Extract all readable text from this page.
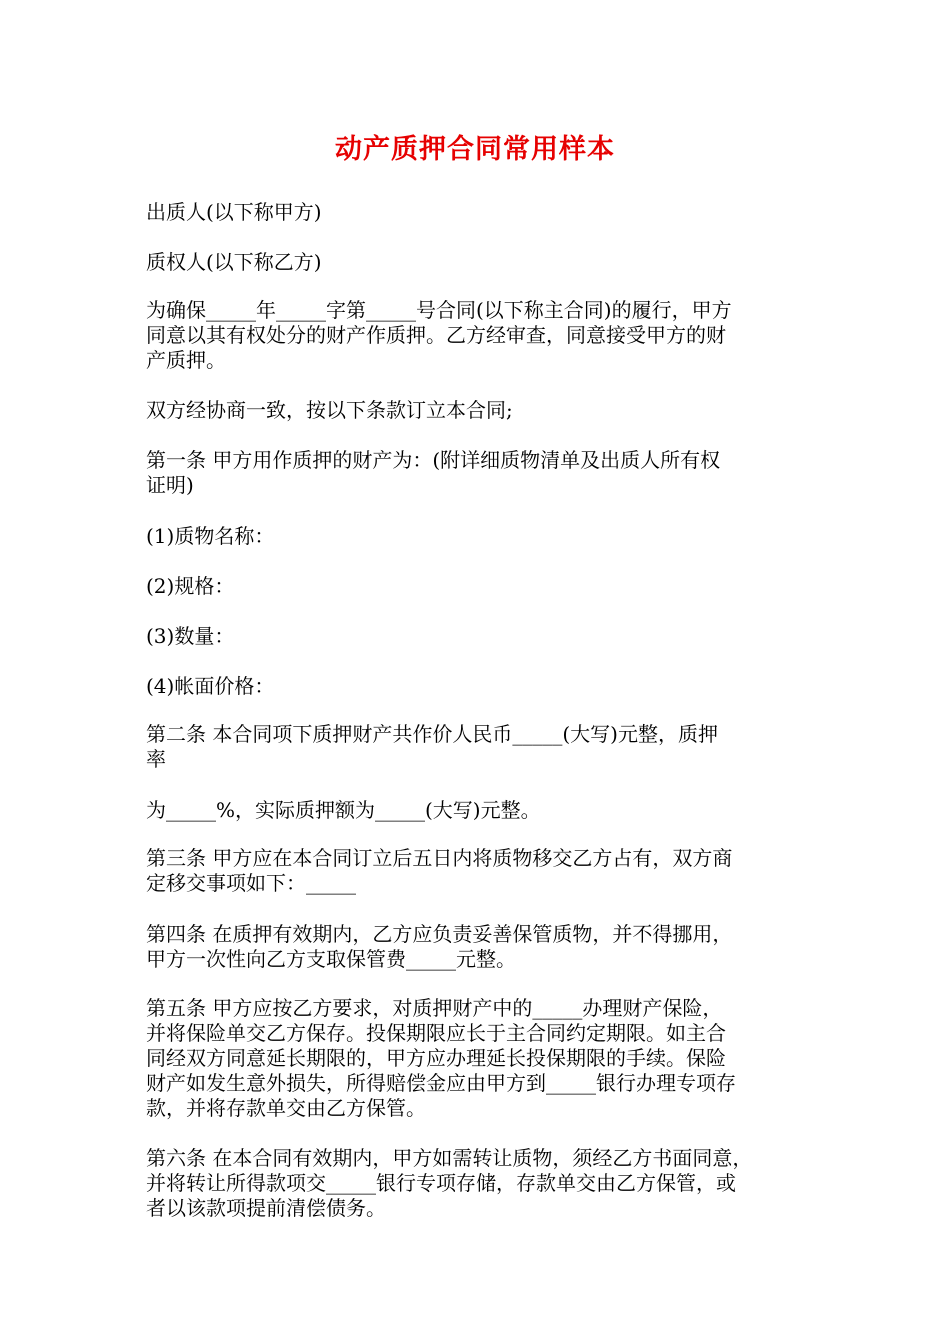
动产质押合同常用样本
出质人(以下称甲方)
质权人(以下称乙方)
为确保_____年_____字第_____号合同(以下称主合同)的履行，甲方
同意以其有权处分的财产作质押。乙方经审查，同意接受甲方的财
产质押。
双方经协商一致，按以下条款订立本合同;
第一条 甲方用作质押的财产为：(附详细质物清单及出质人所有权
证明)
(1)质物名称：
(2)规格：
(3)数量：
(4)帐面价格：
第二条 本合同项下质押财产共作价人民币_____(大写)元整，质押
率
为_____%，实际质押额为_____(大写)元整。
第三条 甲方应在本合同订立后五日内将质物移交乙方占有，双方商
定移交事项如下：_____
第四条 在质押有效期内，乙方应负责妥善保管质物，并不得挪用，
甲方一次性向乙方支取保管费_____元整。
第五条 甲方应按乙方要求，对质押财产中的_____办理财产保险，
并将保险单交乙方保存。投保期限应长于主合同约定期限。如主合
同经双方同意延长期限的，甲方应办理延长投保期限的手续。保险
财产如发生意外损失，所得赔偿金应由甲方到_____银行办理专项存
款，并将存款单交由乙方保管。
第六条 在本合同有效期内，甲方如需转让质物，须经乙方书面同意，
并将转让所得款项交_____银行专项存储，存款单交由乙方保管，或
者以该款项提前清偿债务。
